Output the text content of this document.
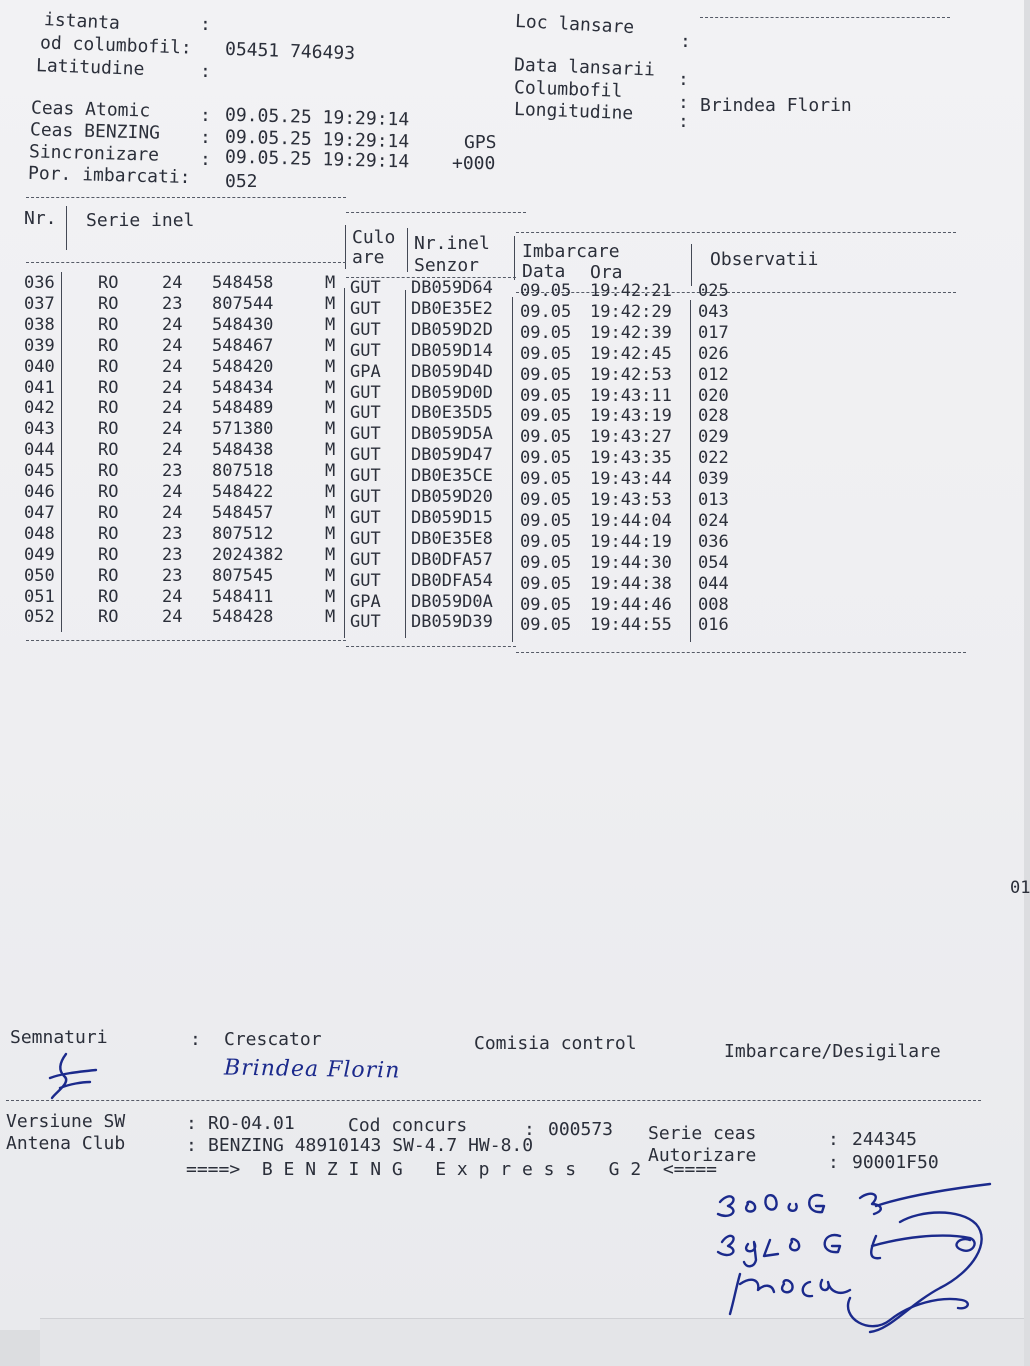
istanta	:
od columbofil: 05451 746493
Latitudine	:
Loc lansare
:
Data lansarii :
Columbofil
: Brindea Florin
Longitudine :
Ceas Atomic	: 09.05.25 19:29:14
Ceas BENZING : 09.05.25 19:29:14	GPS
Sincronizare : 09.05.25 19:29:14 +000
Por. imbarcati: 052
Nr. Serie inel
Culo
are
Nr.inel
Senzor
Imbarcare
Data Ora
Observatii
036	RO	24 548458	M GUT DB059D64 09.05 19:42:21 025
037	RO	23 807544	M GUT DB0E35E2 09.05 19:42:29 043
038	RO	24 548430	M GUT DB059D2D 09.05 19:42:39 017
039	RO	24 548467	M GUT DB059D14 09.05 19:42:45 026
040	RO	24 548420	M GPA DB059D4D 09.05 19:42:53 012
041	RO	24 548434	M GUT DB059D0D 09.05 19:43:11 020
042	RO	24 548489	M GUT DB0E35D5 09.05 19:43:19 028
043	RO	24 571380	M GUT DB059D5A 09.05 19:43:27 029
044	RO	24 548438	M GUT DB059D47 09.05 19:43:35 022
045	RO	23 807518	M GUT DB0E35CE 09.05 19:43:44 039
046	RO	24 548422	M GUT DB059D20 09.05 19:43:53 013
047	RO	24 548457	M GUT DB059D15 09.05 19:44:04 024
048	RO	23 807512	M GUT DB0E35E8 09.05 19:44:19 036
049	RO	23 2024382 M GUT DB0DFA57 09.05 19:44:30 054
050	RO	23 807545	M GUT DB0DFA54 09.05 19:44:38 044
051	RO	24 548411	M GPA DB059D0A 09.05 19:44:46 008
052	RO	24 548428	M GUT DB059D39 09.05 19:44:55 016
01
Semnaturi	: Crescator	Comisia control	Imbarcare/Desigilare
Brindea Florin
Versiune SW	: RO-04.01	Cod concurs	: 000573 Serie ceas	: 244345
Antena Club	: BENZING 48910143 SW-4.7 HW-8.0	Autorizare	: 90001F50
====>  B E N Z I N G   E x p r e s s   G 2  <====
